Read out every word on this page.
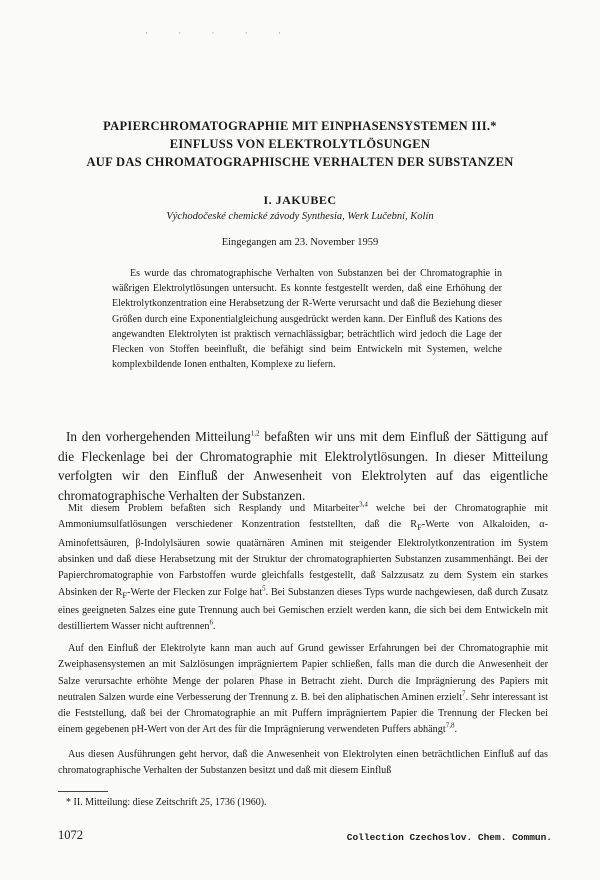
· · · · ·
PAPIERCHROMATOGRAPHIE MIT EINPHASENSYSTEMEN III.*
EINFLUSS VON ELEKTROLYTLÖSUNGEN
AUF DAS CHROMATOGRAPHISCHE VERHALTEN DER SUBSTANZEN
I. JAKUBEC
Východočeské chemické závody Synthesia, Werk Lučební, Kolín
Eingegangen am 23. November 1959

Es wurde das chromatographische Verhalten von Substanzen bei der Chromatographie in wäßrigen Elektrolytlösungen untersucht. Es konnte festgestellt werden, daß eine Erhöhung der Elektrolytkonzentration eine Herabsetzung der R-Werte verursacht und daß die Beziehung dieser Größen durch eine Exponentialgleichung ausgedrückt werden kann. Der Einfluß des Kations des angewandten Elektrolyten ist praktisch vernachlässigbar; beträchtlich wird jedoch die Lage der Flecken von Stoffen beeinflußt, die befähigt sind beim Entwickeln mit Systemen, welche komplexbildende Ionen enthalten, Komplexe zu liefern.

In den vorhergehenden Mitteilung$^{1,2}$ befaßten wir uns mit dem Einfluß der Sättigung auf die Fleckenlage bei der Chromatographie mit Elektrolytlösungen. In dieser Mitteilung verfolgten wir den Einfluß der Anwesenheit von Elektrolyten auf das eigentliche chromatographische Verhalten der Substanzen.

Mit diesem Problem befaßten sich Resplandy und Mitarbeiter$^{3,4}$ welche bei der Chromatographie mit Ammoniumsulfatlösungen verschiedener Konzentration feststellten, daß die $R_F$-Werte von Alkaloiden, α-Aminofettsäuren, β-Indolylsäuren sowie quatärnären Aminen mit steigender Elektrolytkonzentration im System absinken und daß diese Herabsetzung mit der Struktur der chromatographierten Substanzen zusammenhängt. Bei der Papierchromatographie von Farbstoffen wurde gleichfalls festgestellt, daß Salzzusatz zu dem System ein starkes Absinken der $R_F$-Werte der Flecken zur Folge hat$^5$. Bei Substanzen dieses Typs wurde nachgewiesen, daß durch Zusatz eines geeigneten Salzes eine gute Trennung auch bei Gemischen erzielt werden kann, die sich bei dem Entwickeln mit destilliertem Wasser nicht auftrennen$^6$.

Auf den Einfluß der Elektrolyte kann man auch auf Grund gewisser Erfahrungen bei der Chromatographie mit Zweiphasensystemen an mit Salzlösungen imprägniertem Papier schließen, falls man die durch die Anwesenheit der Salze verursachte erhöhte Menge der polaren Phase in Betracht zieht. Durch die Imprägnierung des Papiers mit neutralen Salzen wurde eine Verbesserung der Trennung z. B. bei den aliphatischen Aminen erzielt$^7$. Sehr interessant ist die Feststellung, daß bei der Chromatographie an mit Puffern imprägniertem Papier die Trennung der Flecken bei einem gegebenen pH-Wert von der Art des für die Imprägnierung verwendeten Puffers abhängt$^{7,8}$.

Aus diesen Ausführungen geht hervor, daß die Anwesenheit von Elektrolyten einen beträchtlichen Einfluß auf das chromatographische Verhalten der Substanzen besitzt und daß mit diesem Einfluß

* II. Mitteilung: diese Zeitschrift 25, 1736 (1960).

1072	Collection Czechoslov. Chem. Commun.
